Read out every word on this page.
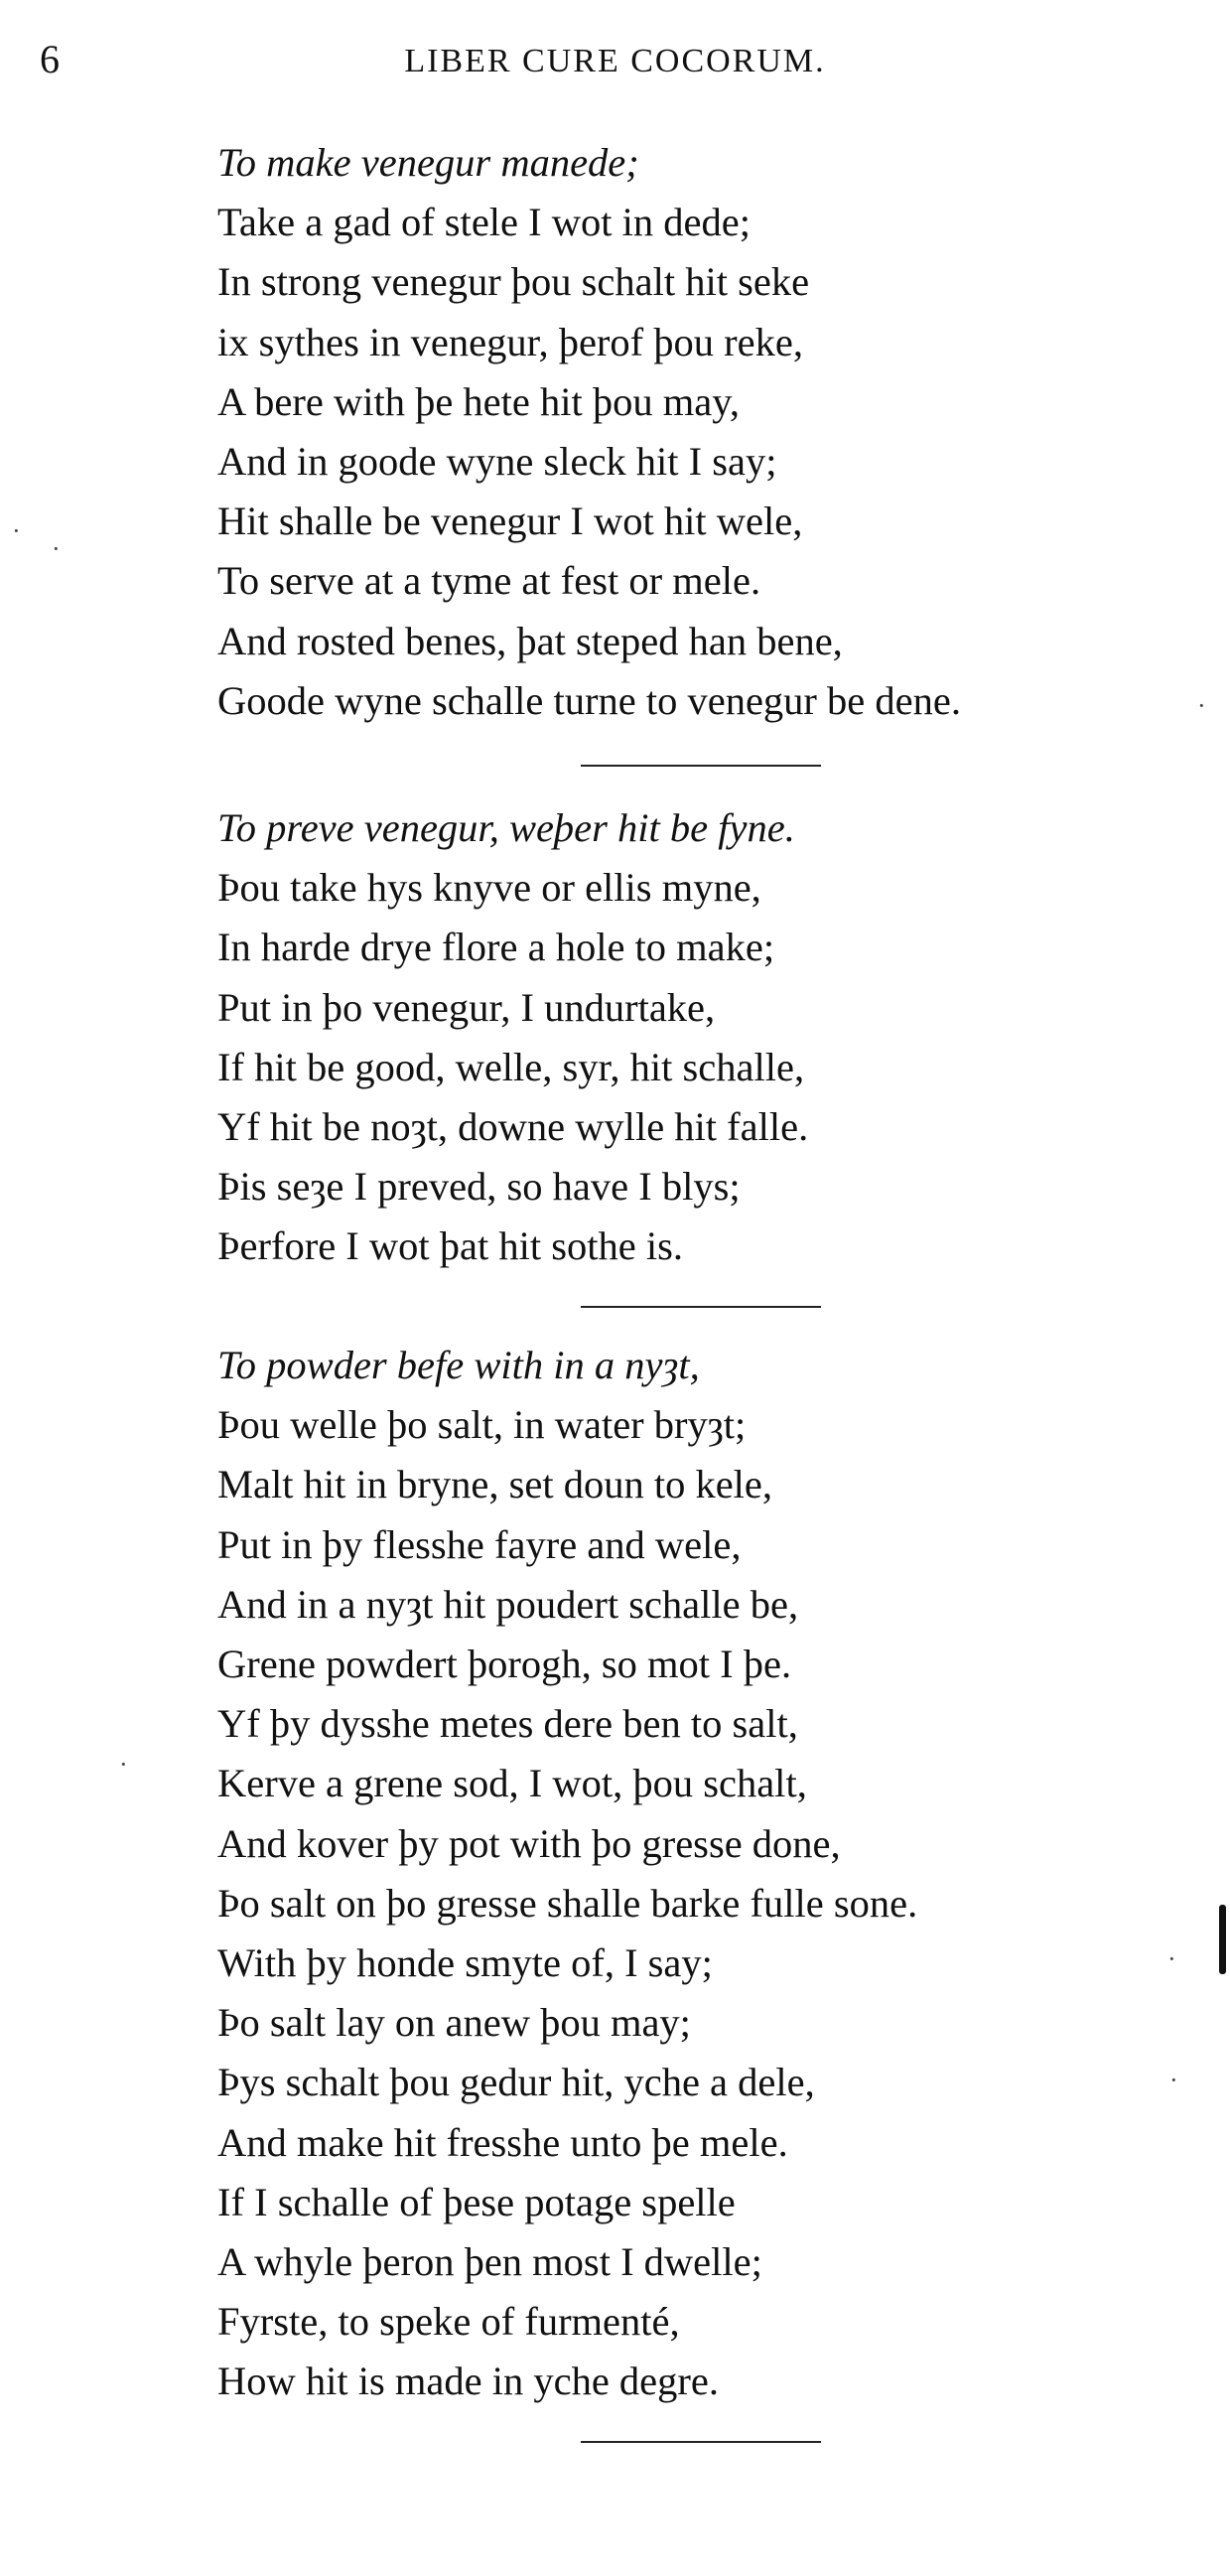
6	LIBER CURE COCORUM.
To make venegur manede;
Take a gad of stele I wot in dede;
In strong venegur þou schalt hit seke
ix sythes in venegur, þerof þou reke,
A bere with þe hete hit þou may,
And in goode wyne sleck hit I say;
Hit shalle be venegur I wot hit wele,
To serve at a tyme at fest or mele.
And rosted benes, þat steped han bene,
Goode wyne schalle turne to venegur be dene.
To preve venegur, weþer hit be fyne.
Þou take hys knyve or ellis myne,
In harde drye flore a hole to make;
Put in þo venegur, I undurtake,
If hit be good, welle, syr, hit schalle,
Yf hit be noȝt, downe wylle hit falle.
Þis seȝe I preved, so have I blys;
Þerfore I wot þat hit sothe is.
To powder befe with in a nyȝt,
Þou welle þo salt, in water bryȝt;
Malt hit in bryne, set doun to kele,
Put in þy flesshe fayre and wele,
And in a nyȝt hit poudert schalle be,
Grene powdert þorogh, so mot I þe.
Yf þy dysshe metes dere ben to salt,
Kerve a grene sod, I wot, þou schalt,
And kover þy pot with þo gresse done,
Þo salt on þo gresse shalle barke fulle sone.
With þy honde smyte of, I say;
Þo salt lay on anew þou may;
Þys schalt þou gedur hit, yche a dele,
And make hit fresshe unto þe mele.
If I schalle of þese potage spelle
A whyle þeron þen most I dwelle;
Fyrste, to speke of furmenté,
How hit is made in yche degre.
·
·
·
·
·
·
